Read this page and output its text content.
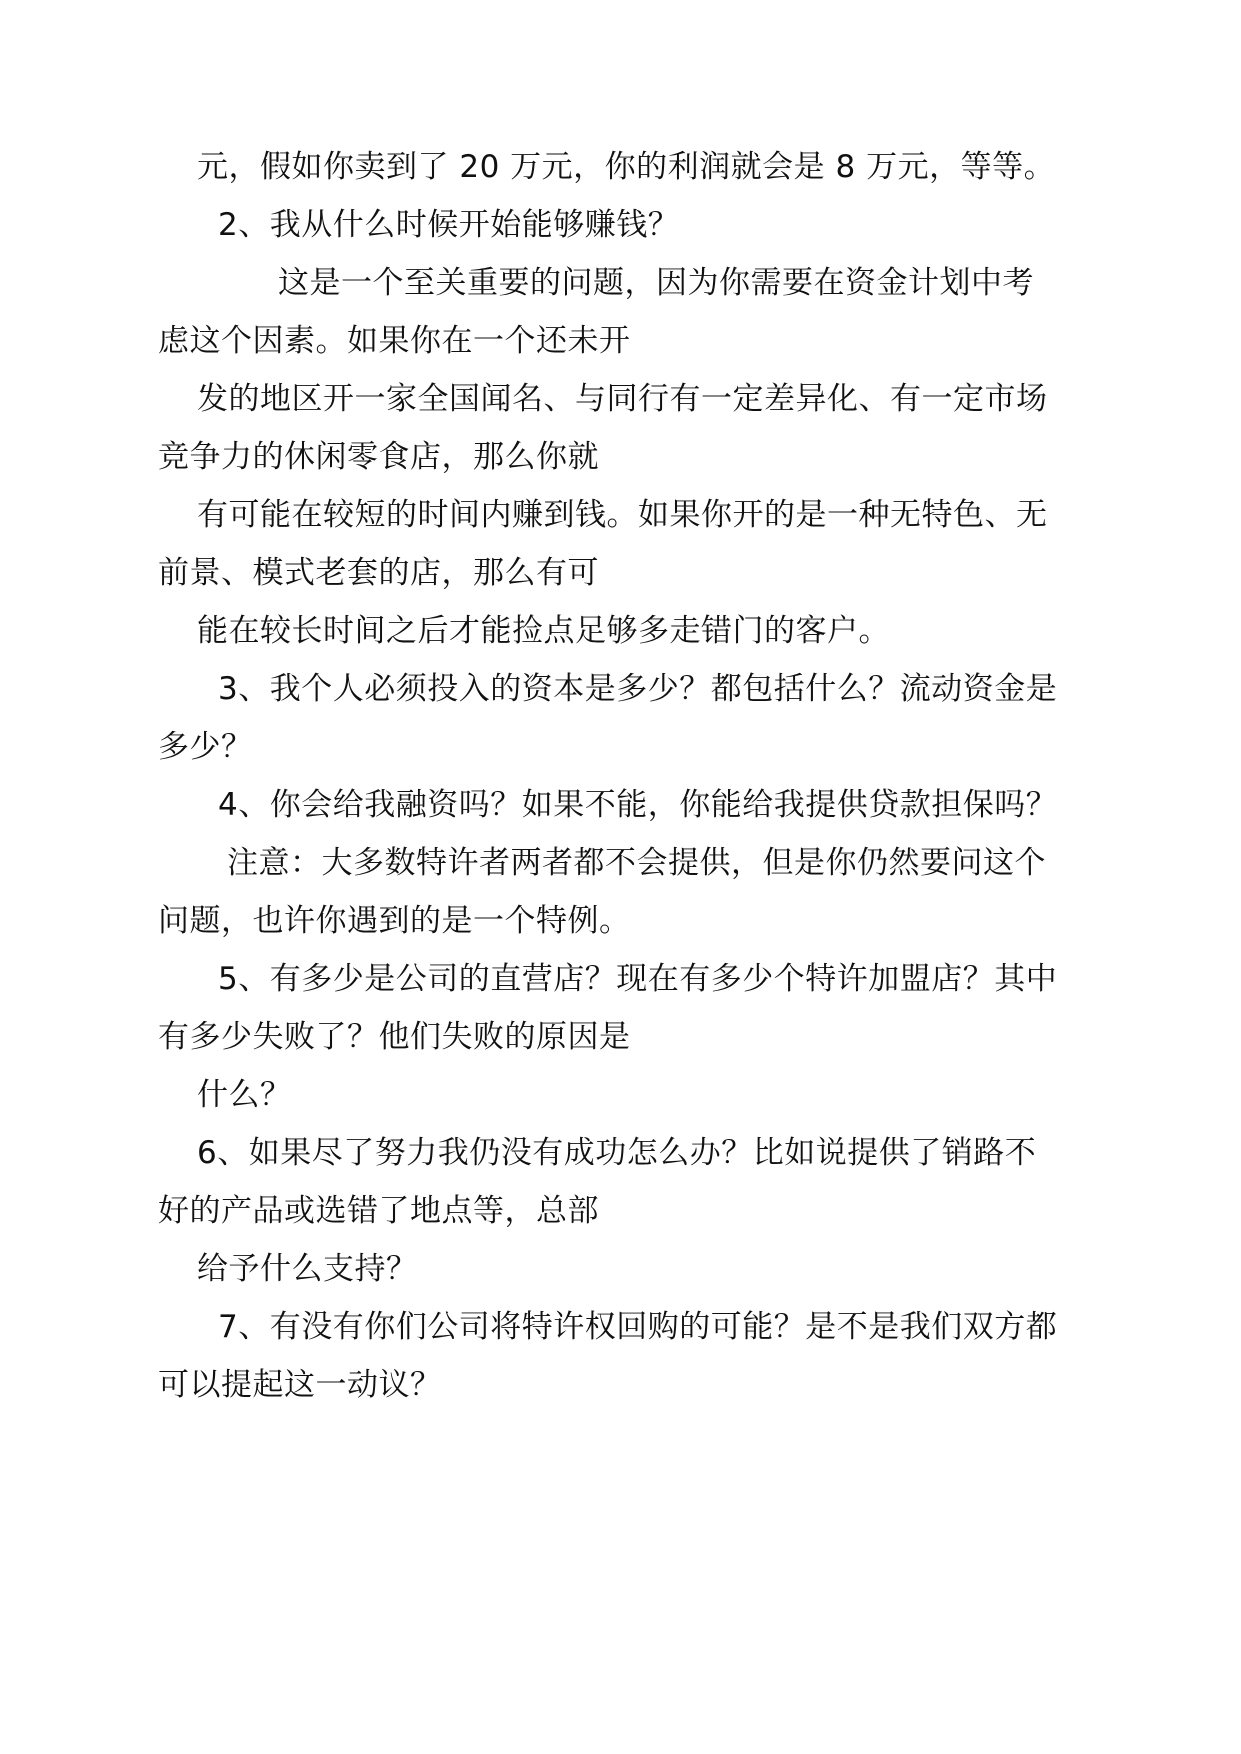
元，假如你卖到了 20 万元，你的利润就会是 8 万元，等等。
2、我从什么时候开始能够赚钱？
这是一个至关重要的问题，因为你需要在资金计划中考
虑这个因素。如果你在一个还未开
发的地区开一家全国闻名、与同行有一定差异化、有一定市场
竞争力的休闲零食店，那么你就
有可能在较短的时间内赚到钱。如果你开的是一种无特色、无
前景、模式老套的店，那么有可
能在较长时间之后才能捡点足够多走错门的客户。
3、我个人必须投入的资本是多少？都包括什么？流动资金是
多少？
4、你会给我融资吗？如果不能，你能给我提供贷款担保吗？
注意：大多数特许者两者都不会提供，但是你仍然要问这个
问题，也许你遇到的是一个特例。
5、有多少是公司的直营店？现在有多少个特许加盟店？其中
有多少失败了？他们失败的原因是
什么？
6、如果尽了努力我仍没有成功怎么办？比如说提供了销路不
好的产品或选错了地点等，总部
给予什么支持？
7、有没有你们公司将特许权回购的可能？是不是我们双方都
可以提起这一动议？
